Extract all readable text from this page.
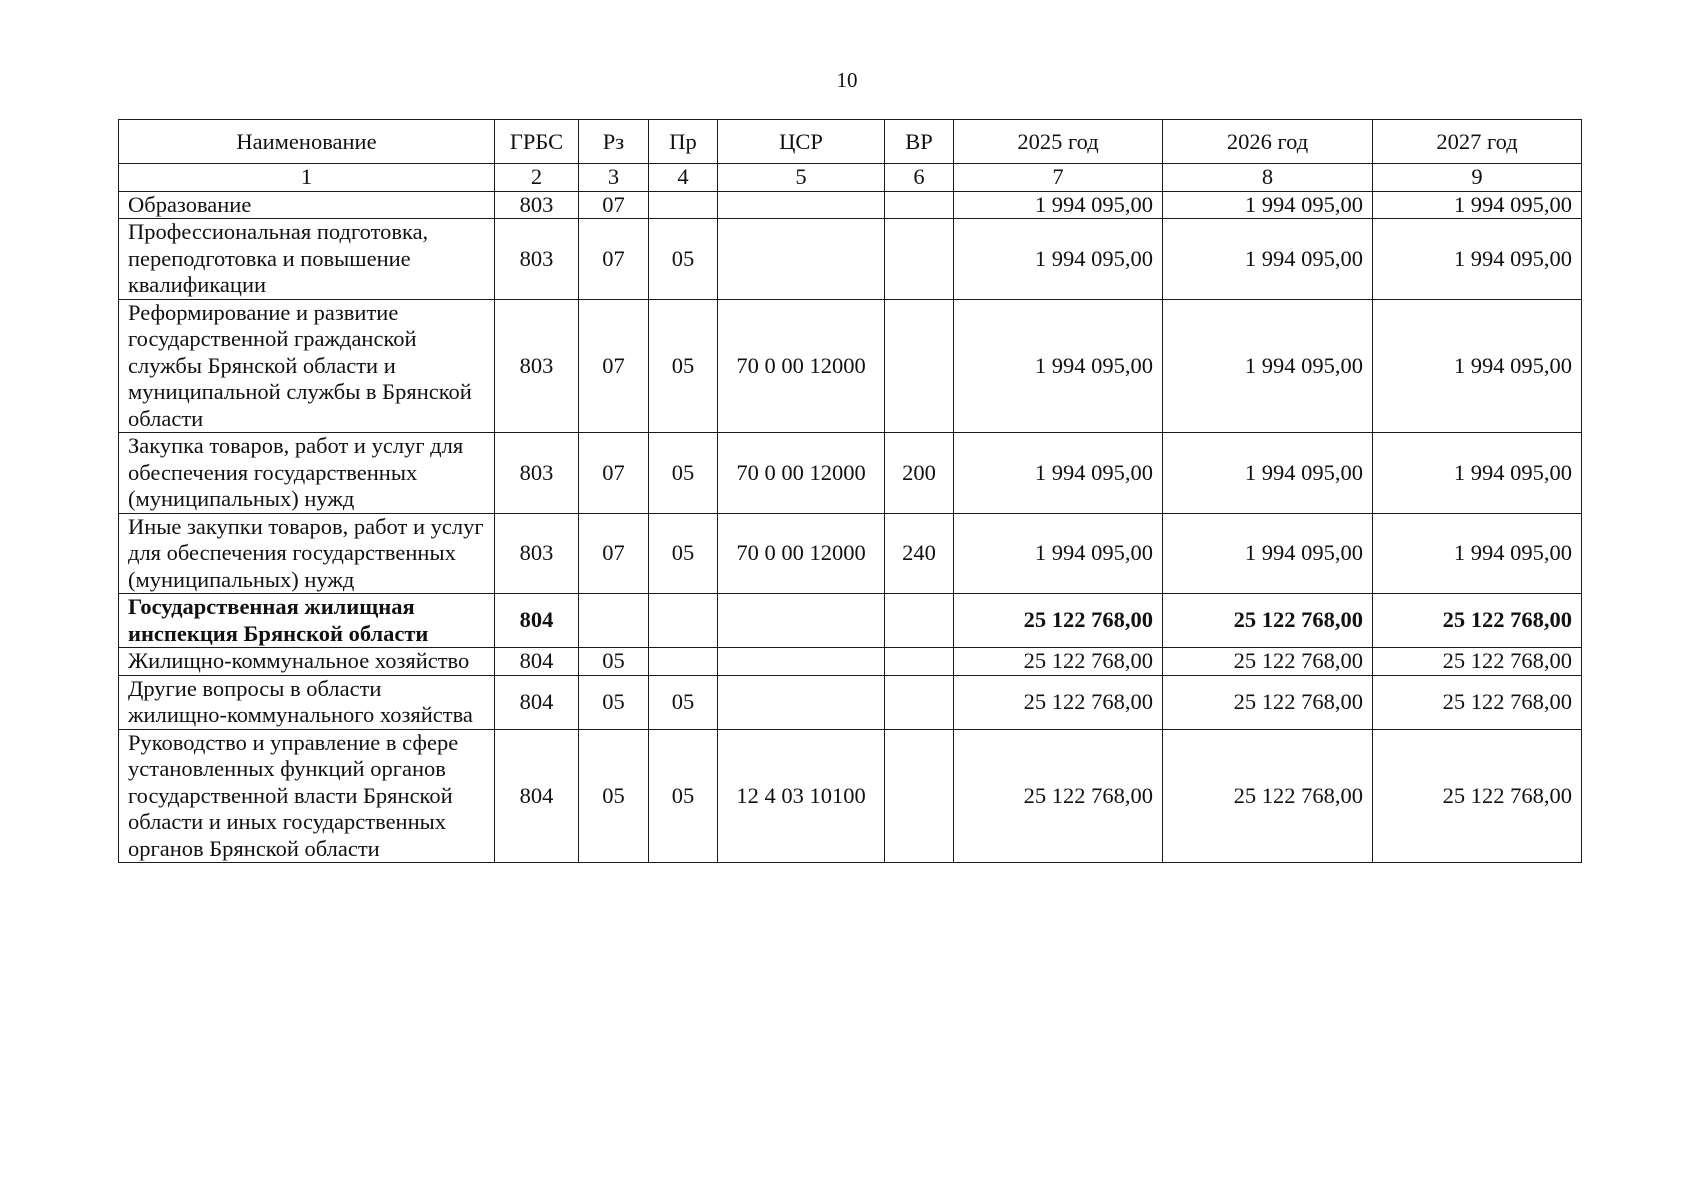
10
Наименование	ГРБС	Рз	Пр	ЦСР	ВР	2025 год	2026 год	2027 год
1	2	3	4	5	6	7	8	9
Образование	803	07				1 994 095,00	1 994 095,00	1 994 095,00
Профессиональная подготовка, переподготовка и повышение квалификации	803	07	05			1 994 095,00	1 994 095,00	1 994 095,00
Реформирование и развитие государственной гражданской службы Брянской области и муниципальной службы в Брянской области	803	07	05	70 0 00 12000		1 994 095,00	1 994 095,00	1 994 095,00
Закупка товаров, работ и услуг для обеспечения государственных (муниципальных) нужд	803	07	05	70 0 00 12000	200	1 994 095,00	1 994 095,00	1 994 095,00
Иные закупки товаров, работ и услуг для обеспечения государственных (муниципальных) нужд	803	07	05	70 0 00 12000	240	1 994 095,00	1 994 095,00	1 994 095,00
Государственная жилищная инспекция Брянской области	804					25 122 768,00	25 122 768,00	25 122 768,00
Жилищно-коммунальное хозяйство	804	05				25 122 768,00	25 122 768,00	25 122 768,00
Другие вопросы в области жилищно-коммунального хозяйства	804	05	05			25 122 768,00	25 122 768,00	25 122 768,00
Руководство и управление в сфере установленных функций органов государственной власти Брянской области и иных государственных органов Брянской области	804	05	05	12 4 03 10100		25 122 768,00	25 122 768,00	25 122 768,00
